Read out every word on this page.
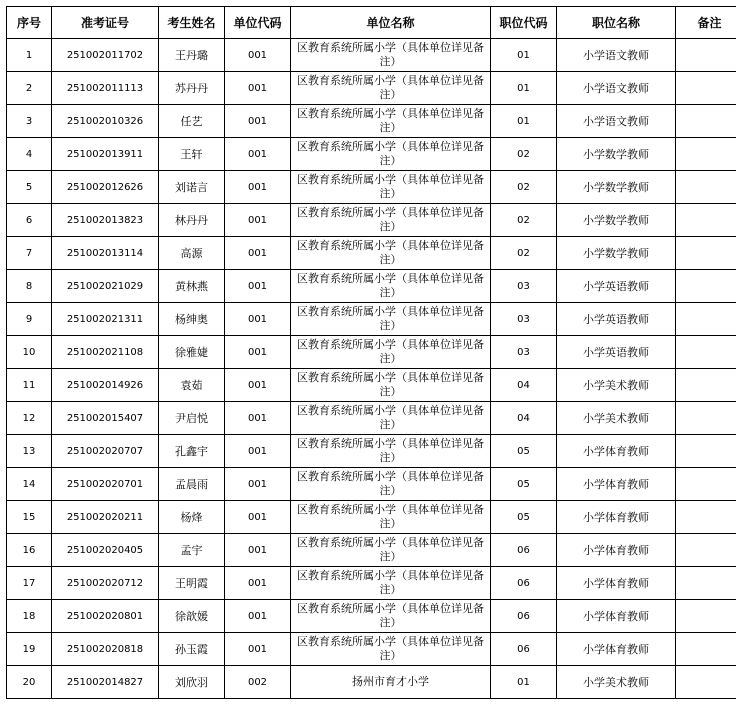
序号	准考证号	考生姓名	单位代码	单位名称	职位代码	职位名称	备注
1	251002011702	王丹璐	001	区教育系统所属小学（具体单位详见备注）	01	小学语文教师	
2	251002011113	苏丹丹	001	区教育系统所属小学（具体单位详见备注）	01	小学语文教师	
3	251002010326	任艺	001	区教育系统所属小学（具体单位详见备注）	01	小学语文教师	
4	251002013911	王轩	001	区教育系统所属小学（具体单位详见备注）	02	小学数学教师	
5	251002012626	刘诺言	001	区教育系统所属小学（具体单位详见备注）	02	小学数学教师	
6	251002013823	林丹丹	001	区教育系统所属小学（具体单位详见备注）	02	小学数学教师	
7	251002013114	高源	001	区教育系统所属小学（具体单位详见备注）	02	小学数学教师	
8	251002021029	黄林燕	001	区教育系统所属小学（具体单位详见备注）	03	小学英语教师	
9	251002021311	杨绅奥	001	区教育系统所属小学（具体单位详见备注）	03	小学英语教师	
10	251002021108	徐雅婕	001	区教育系统所属小学（具体单位详见备注）	03	小学英语教师	
11	251002014926	袁茹	001	区教育系统所属小学（具体单位详见备注）	04	小学美术教师	
12	251002015407	尹启悦	001	区教育系统所属小学（具体单位详见备注）	04	小学美术教师	
13	251002020707	孔鑫宇	001	区教育系统所属小学（具体单位详见备注）	05	小学体育教师	
14	251002020701	孟晨雨	001	区教育系统所属小学（具体单位详见备注）	05	小学体育教师	
15	251002020211	杨烽	001	区教育系统所属小学（具体单位详见备注）	05	小学体育教师	
16	251002020405	孟宇	001	区教育系统所属小学（具体单位详见备注）	06	小学体育教师	
17	251002020712	王明霞	001	区教育系统所属小学（具体单位详见备注）	06	小学体育教师	
18	251002020801	徐歆媛	001	区教育系统所属小学（具体单位详见备注）	06	小学体育教师	
19	251002020818	孙玉霞	001	区教育系统所属小学（具体单位详见备注）	06	小学体育教师	
20	251002014827	刘欣羽	002	扬州市育才小学	01	小学美术教师	
